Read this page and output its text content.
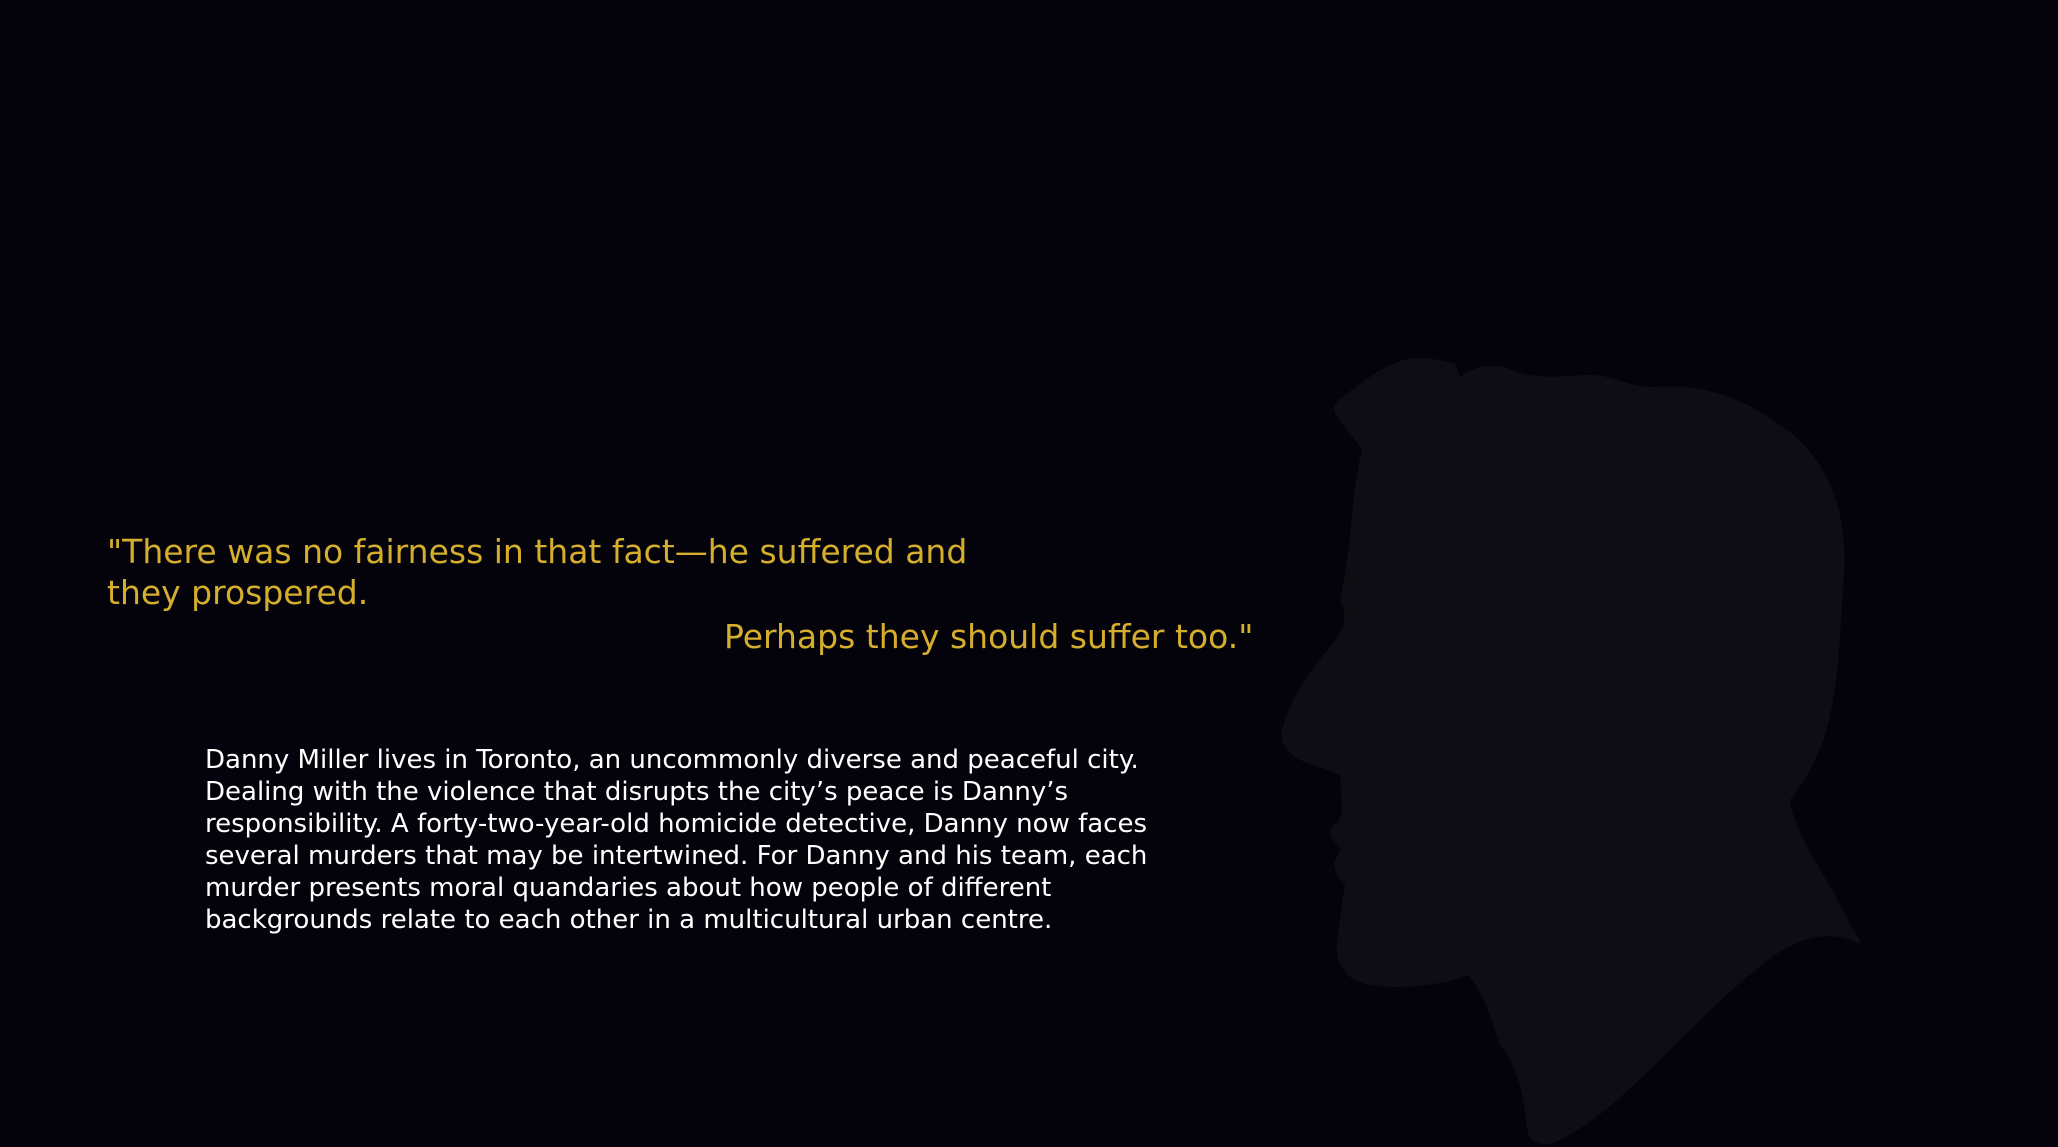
"There was no fairness in that fact—he suffered and
they prospered.
Perhaps they should suffer too."
Danny Miller lives in Toronto, an uncommonly diverse and peaceful city.
Dealing with the violence that disrupts the city’s peace is Danny’s
responsibility. A forty-two-year-old homicide detective, Danny now faces
several murders that may be intertwined. For Danny and his team, each
murder presents moral quandaries about how people of different
backgrounds relate to each other in a multicultural urban centre.
